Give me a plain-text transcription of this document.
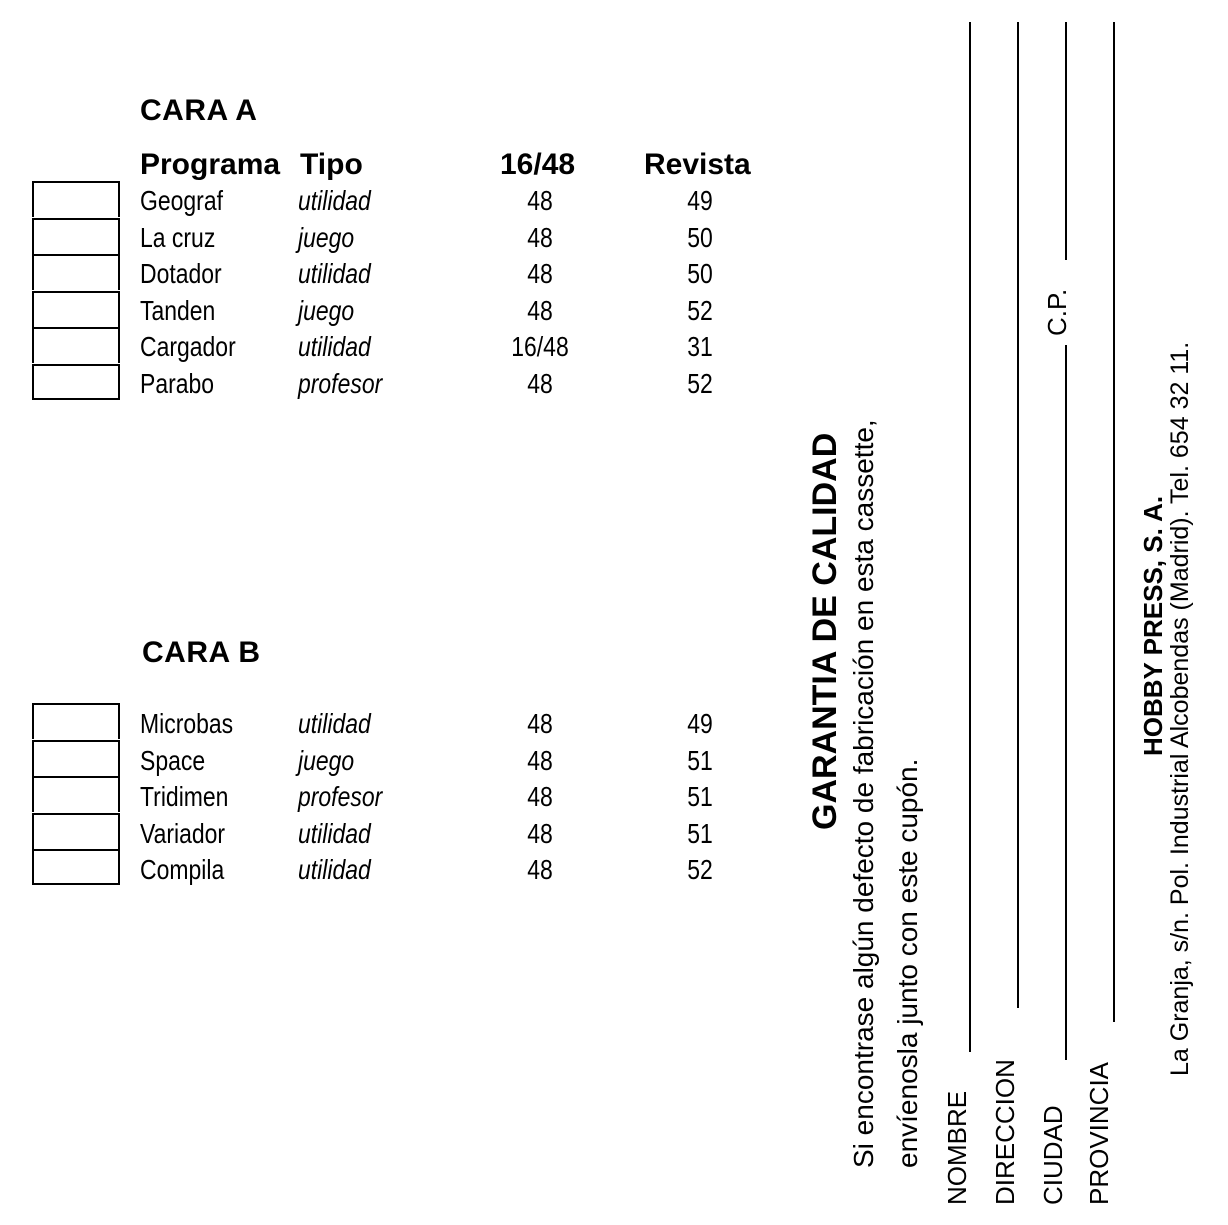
CARA A
Programa Tipo	16/48 Revista
Geograf	utilidad	48	49
La cruz	juego	48	50
Dotador	utilidad	48	50
Tanden	juego	48	52
Cargador utilidad	16/48	31
Parabo	profesor	48	52
CARA B
Microbas utilidad	48	49
Space	juego	48	51
Tridimen profesor	48	51
Variador	utilidad	48	51
Compila	utilidad	48	52
GARANTIA DE CALIDAD Si encontrase algún defecto de fabricación en esta cassette, envíenosla junto con este cupón. NOMBRE DIRECCION CIUDAD
C.P.
PROVINCIA
HOBBY PRESS, S. A.
La Granja, s/n. Pol. Industrial Alcobendas (Madrid). Tel. 654 32 11.
